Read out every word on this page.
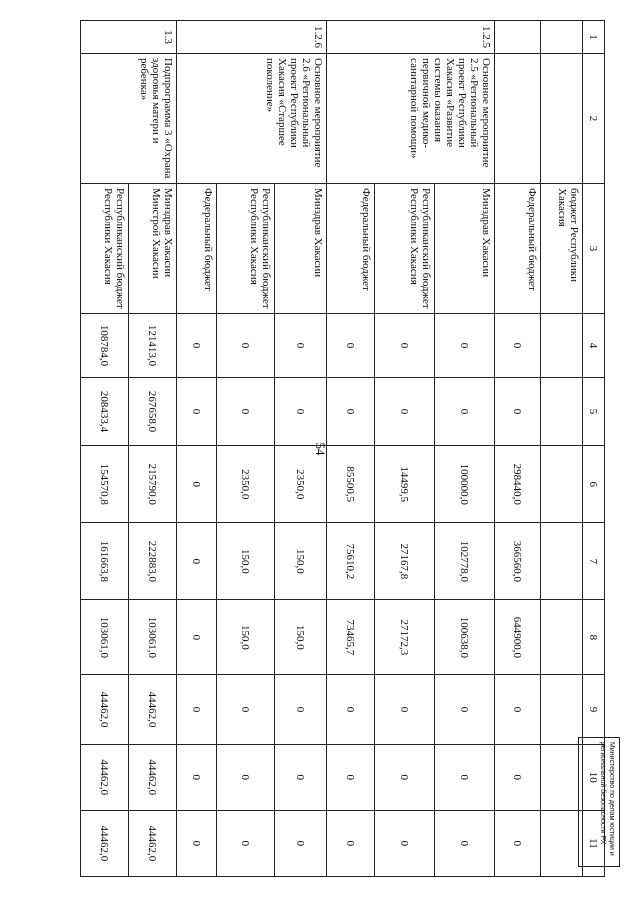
54
1	2	3	4	5	6	7	8	9	10	11
		бюджет Республики Хакасия								
		Федеральный бюджет	0	0	298440,0	366560,0	644900,0	0	0	0
1.2.5	Основное мероприятие 2.5 «Региональный проект Республики Хакасия «Развитие системы оказания первичной медико-санитарной помощи»	Минздрав Хакасии	0	0	100000,0	102778,0	100638,0	0	0	0
		Республиканский бюджет Республики Хакасия	0	0	14499,5	27167,8	27172,3	0	0	0
		Федеральный бюджет	0	0	85500,5	75610,2	73465,7	0	0	0
1.2.6	Основное мероприятие 2.6 «Региональный проект Республики Хакасия «Старшее поколение»	Минздрав Хакасии	0	0	2350,0	150,0	150,0	0	0	0
		Республиканский бюджет Республики Хакасия	0	0	2350,0	150,0	150,0	0	0	0
		Федеральный бюджет	0	0	0	0	0	0	0	0
1.3	Подпрограмма 3 «Охрана здоровья матери и ребенка»	Минздрав Хакасии Минстрой Хакасии	121413,0	267658,0	215790,0	222883,0	103061,0	44462,0	44462,0	44462,0
		Республиканский бюджет Республики Хакасия	108784,0	208433,4	154570,8	161663,8	103061,0	44462,0	44462,0	44462,0	Министерство по делам юстиции и региональной безопасности РХ
